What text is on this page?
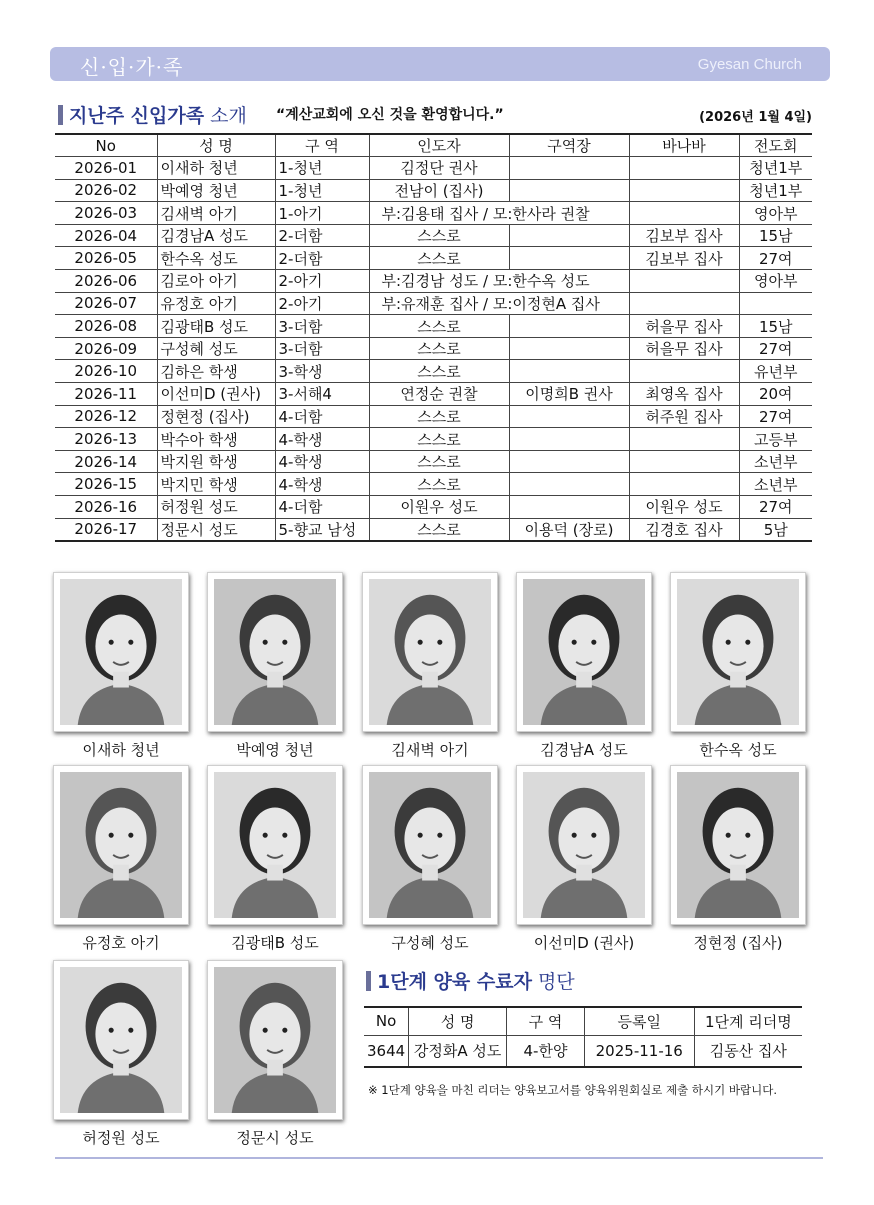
신·입·가·족	Gyesan Church
지난주 신입가족 소개 “계산교회에 오신 것을 환영합니다.”	(2026년 1월 4일)
No	성 명	구 역	인도자	구역장	바나바	전도회
2026-01	이새하 청년	1-청년	김정단 권사			청년1부
2026-02	박예영 청년	1-청년	전남이 (집사)			청년1부
2026-03	김새벽 아기	1-아기	부:김용태 집사 / 모:한사라 권찰			영아부
2026-04	김경남A 성도	2-더함	스스로		김보부 집사	15남
2026-05	한수옥 성도	2-더함	스스로		김보부 집사	27여
2026-06	김로아 아기	2-아기	부:김경남 성도 / 모:한수옥 성도			영아부
2026-07	유정호 아기	2-아기	부:유재훈 집사 / 모:이정현A 집사			
2026-08	김광태B 성도	3-더함	스스로		허을무 집사	15남
2026-09	구성혜 성도	3-더함	스스로		허을무 집사	27여
2026-10	김하은 학생	3-학생	스스로			유년부
2026-11	이선미D (권사)	3-서해4	연정순 권찰	이명희B 권사	최영옥 집사	20여
2026-12	정현정 (집사)	4-더함	스스로		허주원 집사	27여
2026-13	박수아 학생	4-학생	스스로			고등부
2026-14	박지원 학생	4-학생	스스로			소년부
2026-15	박지민 학생	4-학생	스스로			소년부
2026-16	허정원 성도	4-더함	이원우 성도		이원우 성도	27여
2026-17	정문시 성도	5-향교 남성	스스로	이용덕 (장로)	김경호 집사	5남
이새하 청년	박예영 청년	김새벽 아기	김경남A 성도	한수옥 성도
유정호 아기	김광태B 성도	구성혜 성도	이선미D (권사)	정현정 (집사)
허정원 성도	정문시 성도
1단계 양육 수료자 명단
No	성 명	구 역	등록일	1단계 리더명
3644	강정화A 성도	4-한양	2025-11-16	김동산 집사
※ 1단계 양육을 마친 리더는 양육보고서를 양육위원회실로 제출 하시기 바랍니다.
